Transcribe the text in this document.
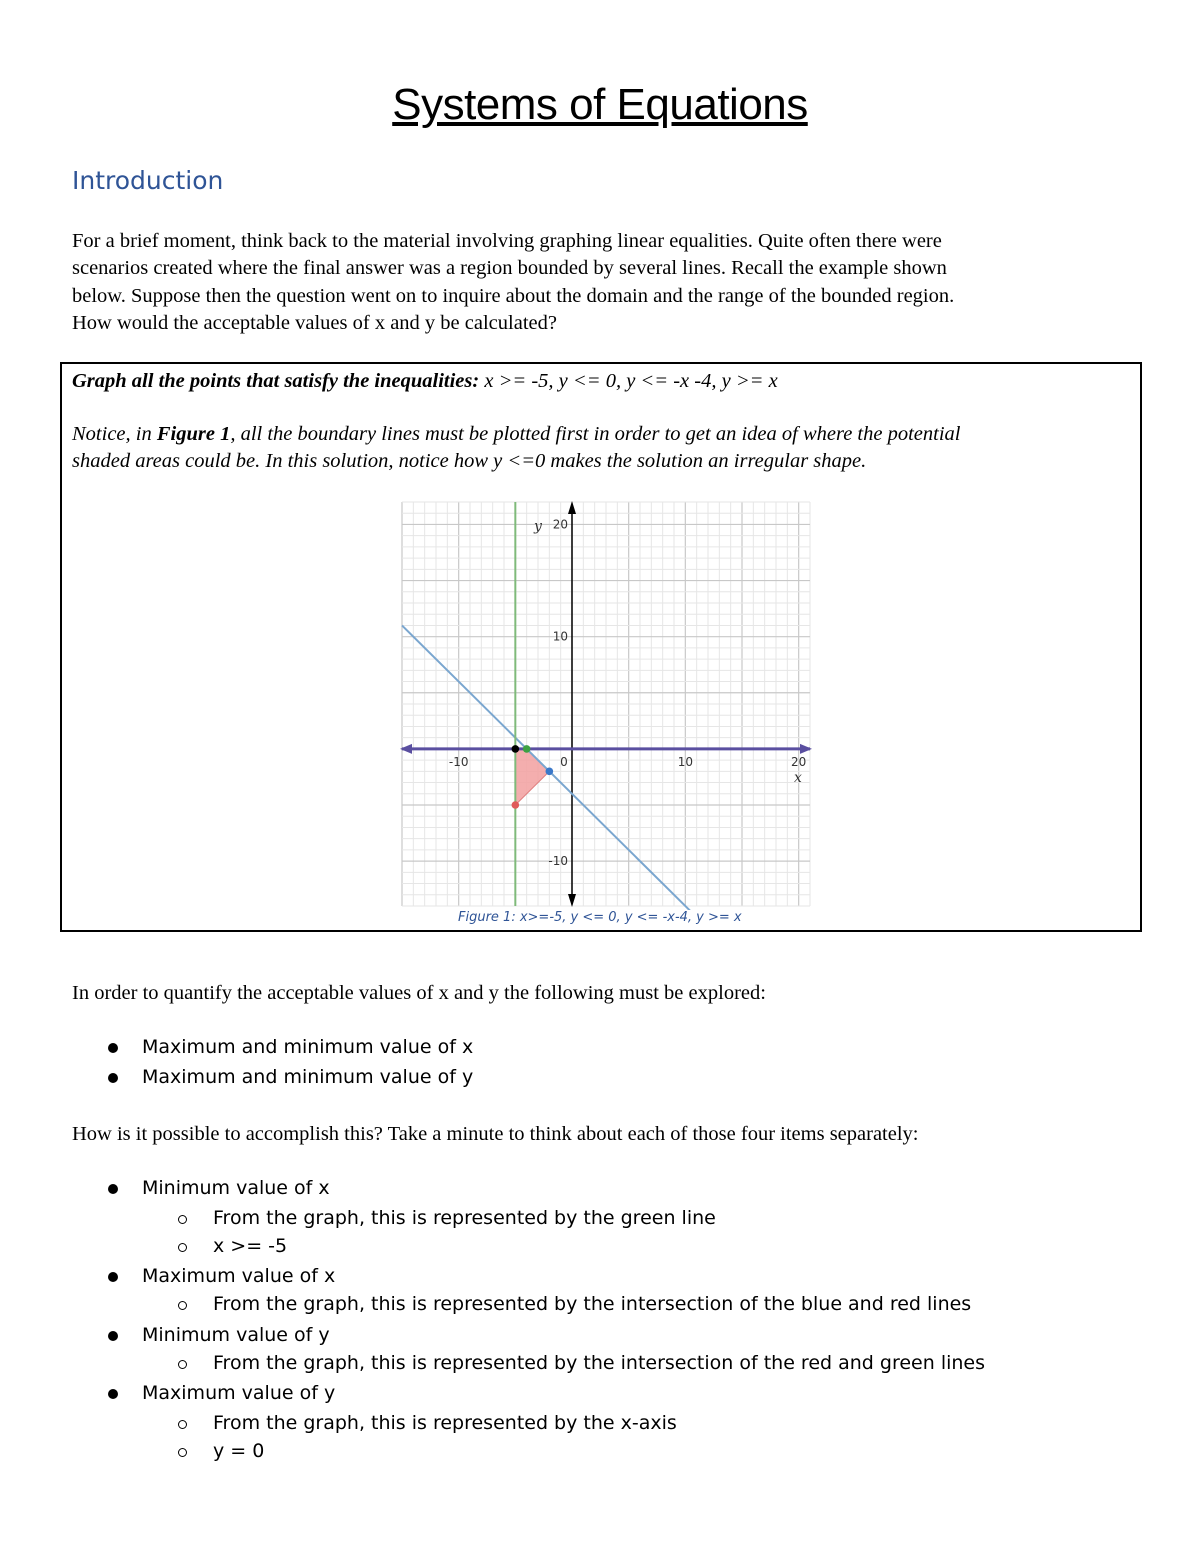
Systems of Equations
Introduction
For a brief moment, think back to the material involving graphing linear equalities. Quite often there were
scenarios created where the final answer was a region bounded by several lines. Recall the example shown
below. Suppose then the question went on to inquire about the domain and the range of the bounded region.
How would the acceptable values of x and y be calculated?
Graph all the points that satisfy the inequalities: x >= -5, y <= 0, y <= -x -4, y >= x
Notice, in Figure 1, all the boundary lines must be plotted first in order to get an idea of where the potential
shaded areas could be. In this solution, notice how y <=0 makes the solution an irregular shape.
-10	0	10	20
-10
10
20
x
y
Figure 1: x>=-5, y <= 0, y <= -x-4, y >= x
In order to quantify the acceptable values of x and y the following must be explored:
Maximum and minimum value of x
Maximum and minimum value of y
How is it possible to accomplish this? Take a minute to think about each of those four items separately:
Minimum value of x
From the graph, this is represented by the green line
x >= -5
Maximum value of x
From the graph, this is represented by the intersection of the blue and red lines
Minimum value of y
From the graph, this is represented by the intersection of the red and green lines
Maximum value of y
From the graph, this is represented by the x-axis
y = 0
